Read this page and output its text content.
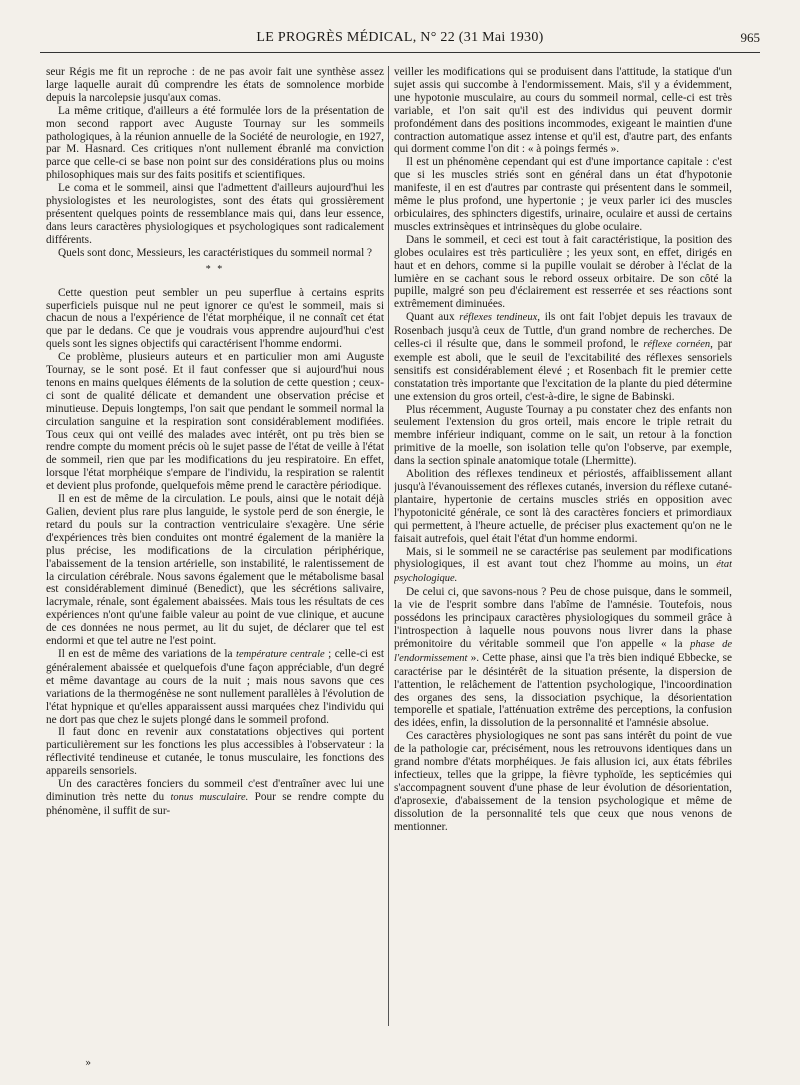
LE PROGRÈS MÉDICAL, N° 22 (31 Mai 1930)	965

seur Régis me fit un reproche : de ne pas avoir fait une synthèse assez large laquelle aurait dû comprendre les états de somnolence morbide depuis la narcolepsie jusqu'aux comas.

La même critique, d'ailleurs a été formulée lors de la présentation de mon second rapport avec Auguste Tournay sur les sommeils pathologiques, à la réunion annuelle de la Société de neurologie, en 1927, par M. Hasnard. Ces critiques n'ont nullement ébranlé ma conviction parce que celle-ci se base non point sur des considérations plus ou moins philosophiques mais sur des faits positifs et scientifiques.

Le coma et le sommeil, ainsi que l'admettent d'ailleurs aujourd'hui les physiologistes et les neurologistes, sont des états qui grossièrement présentent quelques points de ressemblance mais qui, dans leur essence, dans leurs caractères physiologiques et psychologiques sont radicalement différents.

Quels sont donc, Messieurs, les caractéristiques du sommeil normal ?

* *

Cette question peut sembler un peu superflue à certains esprits superficiels puisque nul ne peut ignorer ce qu'est le sommeil, mais si chacun de nous a l'expérience de l'état morphéique, il ne connaît cet état que par le dedans. Ce que je voudrais vous apprendre aujourd'hui c'est quels sont les signes objectifs qui caractérisent l'homme endormi.

Ce problème, plusieurs auteurs et en particulier mon ami Auguste Tournay, se le sont posé. Et il faut confesser que si aujourd'hui nous tenons en mains quelques éléments de la solution de cette question ; ceux-ci sont de qualité délicate et demandent une observation précise et minutieuse. Depuis longtemps, l'on sait que pendant le sommeil normal la circulation sanguine et la respiration sont considérablement modifiées. Tous ceux qui ont veillé des malades avec intérêt, ont pu très bien se rendre compte du moment précis où le sujet passe de l'état de veille à l'état de sommeil, rien que par les modifications du jeu respiratoire. En effet, lorsque l'état morphéique s'empare de l'individu, la respiration se ralentit et devient plus profonde, quelquefois même prend le caractère périodique.

Il en est de même de la circulation. Le pouls, ainsi que le notait déjà Galien, devient plus rare plus languide, le systole perd de son énergie, le retard du pouls sur la contraction ventriculaire s'exagère. Une série d'expériences très bien conduites ont montré également de la manière la plus précise, les modifications de la circulation périphérique, l'abaissement de la tension artérielle, son instabilité, le ralentissement de la circulation cérébrale. Nous savons également que le métabolisme basal est considérablement diminué (Benedict), que les sécrétions salivaire, lacrymale, rénale, sont également abaissées. Mais tous les résultats de ces expériences n'ont qu'une faible valeur au point de vue clinique, et aucune de ces données ne nous permet, au lit du sujet, de déclarer que tel est endormi et que tel autre ne l'est point.

Il en est de même des variations de la température centrale ; celle-ci est généralement abaissée et quelquefois d'une façon appréciable, d'un degré et même davantage au cours de la nuit ; mais nous savons que ces variations de la thermogénèse ne sont nullement parallèles à l'évolution de l'état hypnique et qu'elles apparaissent aussi marquées chez l'individu qui ne dort pas que chez le sujets plongé dans le sommeil profond.

Il faut donc en revenir aux constatations objectives qui portent particulièrement sur les fonctions les plus accessibles à l'observateur : la réflectivité tendineuse et cutanée, le tonus musculaire, les fonctions des appareils sensoriels.

Un des caractères fonciers du sommeil c'est d'entraîner avec lui une diminution très nette du tonus musculaire. Pour se rendre compte du phénomène, il suffit de sur-

veiller les modifications qui se produisent dans l'attitude, la statique d'un sujet assis qui succombe à l'endormissement. Mais, s'il y a évidemment, une hypotonie musculaire, au cours du sommeil normal, celle-ci est très variable, et l'on sait qu'il est des individus qui peuvent dormir profondément dans des positions incommodes, exigeant le maintien d'une contraction automatique assez intense et qu'il est, d'autre part, des enfants qui dorment comme l'on dit : « à poings fermés ».

Il est un phénomène cependant qui est d'une importance capitale : c'est que si les muscles striés sont en général dans un état d'hypotonie manifeste, il en est d'autres par contraste qui présentent dans le sommeil, même le plus profond, une hypertonie ; je veux parler ici des muscles orbiculaires, des sphincters digestifs, urinaire, oculaire et aussi de certains muscles extrinsèques et intrinsèques du globe oculaire.

Dans le sommeil, et ceci est tout à fait caractéristique, la position des globes oculaires est très particulière ; les yeux sont, en effet, dirigés en haut et en dehors, comme si la pupille voulait se dérober à l'éclat de la lumière en se cachant sous le rebord osseux orbitaire. De son côté la pupille, malgré son peu d'éclairement est resserrée et ses réactions sont extrêmement diminuées.

Quant aux réflexes tendineux, ils ont fait l'objet depuis les travaux de Rosenbach jusqu'à ceux de Tuttle, d'un grand nombre de recherches. De celles-ci il résulte que, dans le sommeil profond, le réflexe cornéen, par exemple est aboli, que le seuil de l'excitabilité des réflexes sensoriels sensitifs est considérablement élevé ; et Rosenbach fit le premier cette constatation très importante que l'excitation de la plante du pied détermine une extension du gros orteil, c'est-à-dire, le signe de Babinski.

Plus récemment, Auguste Tournay a pu constater chez des enfants non seulement l'extension du gros orteil, mais encore le triple retrait du membre inférieur indiquant, comme on le sait, un retour à la fonction primitive de la moelle, son isolation telle qu'on l'observe, par exemple, dans la section spinale anatomique totale (Lhermitte).

Abolition des réflexes tendineux et périostés, affaiblissement allant jusqu'à l'évanouissement des réflexes cutanés, inversion du réflexe cutané-plantaire, hypertonie de certains muscles striés en opposition avec l'hypotonicité générale, ce sont là des caractères fonciers et primordiaux qui permettent, à l'heure actuelle, de préciser plus exactement qu'on ne le faisait autrefois, quel était l'état d'un homme endormi.

Mais, si le sommeil ne se caractérise pas seulement par modifications physiologiques, il est avant tout chez l'homme au moins, un état psychologique.

De celui ci, que savons-nous ? Peu de chose puisque, dans le sommeil, la vie de l'esprit sombre dans l'abîme de l'amnésie. Toutefois, nous possédons les principaux caractères physiologiques du sommeil grâce à l'introspection à laquelle nous pouvons nous livrer dans la phase prémonitoire du véritable sommeil que l'on appelle « la phase de l'endormissement ». Cette phase, ainsi que l'a très bien indiqué Ebbecke, se caractérise par le désintérêt de la situation présente, la dispersion de l'attention, le relâchement de l'attention psychologique, l'incoordination des organes des sens, la dissociation psychique, la désorientation temporelle et spatiale, l'atténuation extrême des perceptions, la confusion des idées, enfin, la dissolution de la personnalité et l'amnésie absolue.

Ces caractères physiologiques ne sont pas sans intérêt du point de vue de la pathologie car, précisément, nous les retrouvons identiques dans un grand nombre d'états morphéiques. Je fais allusion ici, aux états fébriles infectieux, telles que la grippe, la fièvre typhoïde, les septicémies qui s'accompagnent souvent d'une phase de leur évolution de désorientation, d'aprosexie, d'abaissement de la tension psychologique et même de dissolution de la personnalité tels que ceux que nous venons de mentionner.

»
